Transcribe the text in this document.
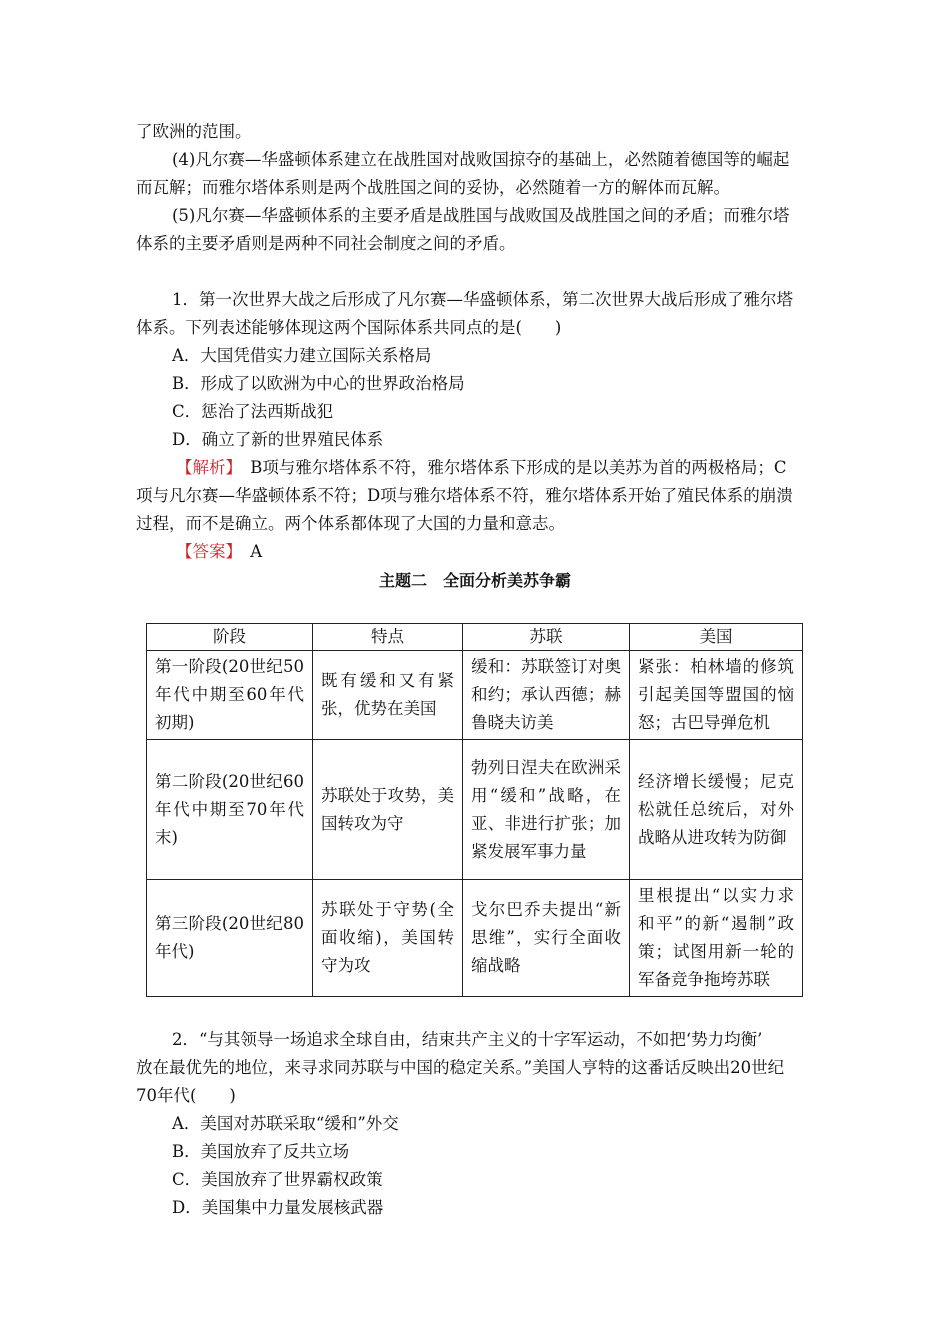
了欧洲的范围。
(4)凡尔赛—华盛顿体系建立在战胜国对战败国掠夺的基础上，必然随着德国等的崛起
而瓦解；而雅尔塔体系则是两个战胜国之间的妥协，必然随着一方的解体而瓦解。
(5)凡尔赛—华盛顿体系的主要矛盾是战胜国与战败国及战胜国之间的矛盾；而雅尔塔
体系的主要矛盾则是两种不同社会制度之间的矛盾。
1．第一次世界大战之后形成了凡尔赛—华盛顿体系，第二次世界大战后形成了雅尔塔
体系。下列表述能够体现这两个国际体系共同点的是(　　)
A．大国凭借实力建立国际关系格局
B．形成了以欧洲为中心的世界政治格局
C．惩治了法西斯战犯
D．确立了新的世界殖民体系
【解析】　B项与雅尔塔体系不符，雅尔塔体系下形成的是以美苏为首的两极格局；C
项与凡尔赛—华盛顿体系不符；D项与雅尔塔体系不符，雅尔塔体系开始了殖民体系的崩溃
过程，而不是确立。两个体系都体现了大国的力量和意志。
【答案】　A
主题二　全面分析美苏争霸
阶段	特点	苏联	美国
第一阶段(20世纪50年代中期至60年代初期)	既有缓和又有紧张，优势在美国	缓和：苏联签订对奥和约；承认西德；赫鲁晓夫访美	紧张：柏林墙的修筑引起美国等盟国的恼怒；古巴导弹危机
第二阶段(20世纪60年代中期至70年代末)	苏联处于攻势，美国转攻为守	勃列日涅夫在欧洲采用“缓和”战略，在亚、非进行扩张；加紧发展军事力量	经济增长缓慢；尼克松就任总统后，对外战略从进攻转为防御
第三阶段(20世纪80年代)	苏联处于守势(全面收缩)，美国转守为攻	戈尔巴乔夫提出“新思维”，实行全面收缩战略	里根提出“以实力求和平”的新“遏制”政策；试图用新一轮的军备竞争拖垮苏联
2．“与其领导一场追求全球自由，结束共产主义的十字军运动，不如把‘势力均衡’
放在最优先的地位，来寻求同苏联与中国的稳定关系。”美国人亨特的这番话反映出20世纪
70年代(　　)
A．美国对苏联采取“缓和”外交
B．美国放弃了反共立场
C．美国放弃了世界霸权政策
D．美国集中力量发展核武器
